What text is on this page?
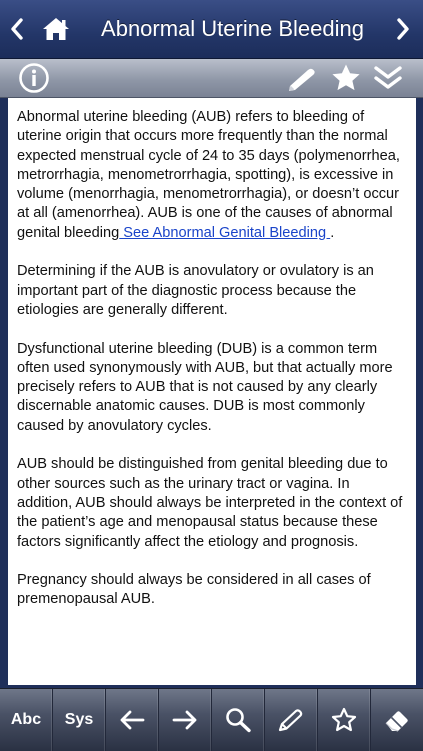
Abnormal Uterine Bleeding

Abnormal uterine bleeding (AUB) refers to bleeding of uterine origin that occurs more frequently than the normal expected menstrual cycle of 24 to 35 days (polymenorrhea, metrorrhagia, menometrorrhagia, spotting), is excessive in volume (menorrhagia, menometrorrhagia), or doesn’t occur at all (amenorrhea). AUB is one of the causes of abnormal genital bleeding See Abnormal Genital Bleeding .

Determining if the AUB is anovulatory or ovulatory is an important part of the diagnostic process because the etiologies are generally different.

Dysfunctional uterine bleeding (DUB) is a common term often used synonymously with AUB, but that actually more precisely refers to AUB that is not caused by any clearly discernable anatomic causes. DUB is most commonly caused by anovulatory cycles.

AUB should be distinguished from genital bleeding due to other sources such as the urinary tract or vagina. In addition, AUB should always be interpreted in the context of the patient’s age and menopausal status because these factors significantly affect the etiology and prognosis.

Pregnancy should always be considered in all cases of premenopausal AUB.

Abc Sys
